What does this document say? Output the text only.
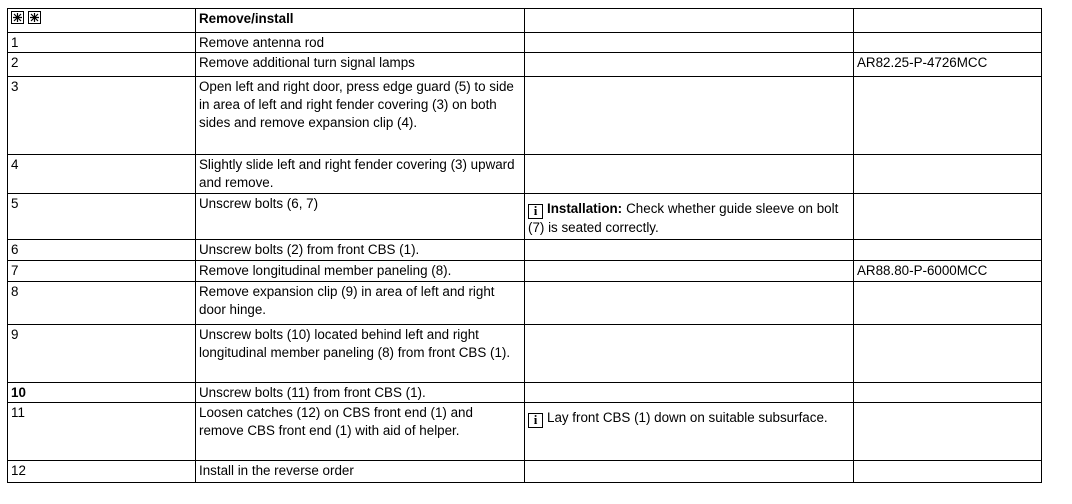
	Remove/install		
1	Remove antenna rod		
2	Remove additional turn signal lamps		AR82.25-P-4726MCC
3	Open left and right door, press edge guard (5) to side in area of left and right fender covering (3) on both sides and remove expansion clip (4).		
4	Slightly slide left and right fender covering (3) upward and remove.		
5	Unscrew bolts (6, 7)	i Installation: Check whether guide sleeve on bolt (7) is seated correctly.	
6	Unscrew bolts (2) from front CBS (1).		
7	Remove longitudinal member paneling (8).		AR88.80-P-6000MCC
8	Remove expansion clip (9) in area of left and right door hinge.		
9	Unscrew bolts (10) located behind left and right longitudinal member paneling (8) from front CBS (1).		
10	Unscrew bolts (11) from front CBS (1).		
11	Loosen catches (12) on CBS front end (1) and remove CBS front end (1) with aid of helper.	i Lay front CBS (1) down on suitable subsurface.	
12	Install in the reverse order		
